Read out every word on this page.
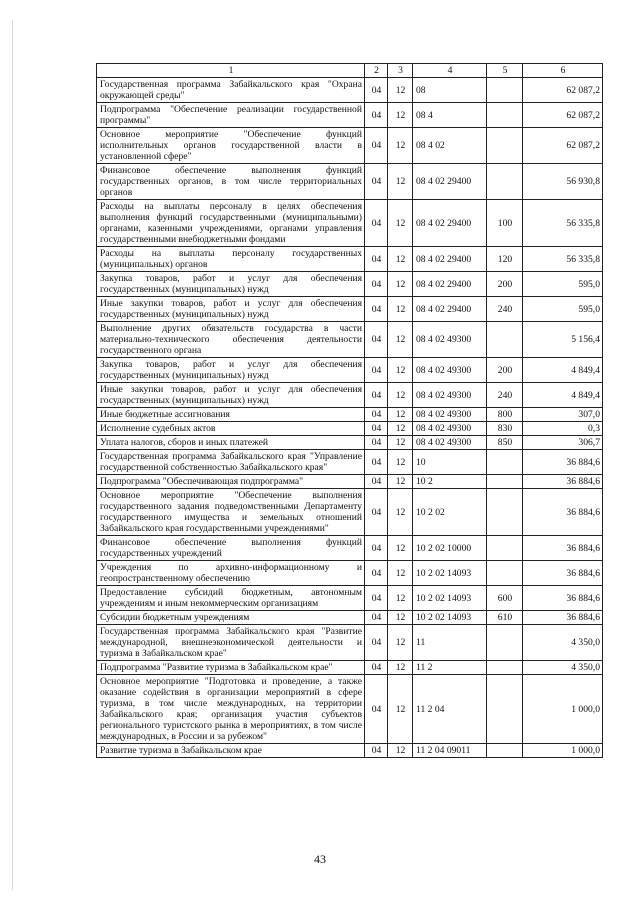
1	2	3	4	5	6
Государственная программа Забайкальского края "Охрана окружающей среды"	04	12	08		62 087,2
Подпрограмма "Обеспечение реализации государственной программы"	04	12	08 4		62 087,2
Основное мероприятие "Обеспечение функций исполнительных органов государственной власти в установленной сфере"	04	12	08 4 02		62 087,2
Финансовое обеспечение выполнения функций государственных органов, в том числе территориальных органов	04	12	08 4 02 29400		56 930,8
Расходы на выплаты персоналу в целях обеспечения выполнения функций государственными (муниципальными) органами, казенными учреждениями, органами управления государственными внебюджетными фондами	04	12	08 4 02 29400	100	56 335,8
Расходы на выплаты персоналу государственных (муниципальных) органов	04	12	08 4 02 29400	120	56 335,8
Закупка товаров, работ и услуг для обеспечения государственных (муниципальных) нужд	04	12	08 4 02 29400	200	595,0
Иные закупки товаров, работ и услуг для обеспечения государственных (муниципальных) нужд	04	12	08 4 02 29400	240	595,0
Выполнение других обязательств государства в части материально-технического обеспечения деятельности государственного органа	04	12	08 4 02 49300		5 156,4
Закупка товаров, работ и услуг для обеспечения государственных (муниципальных) нужд	04	12	08 4 02 49300	200	4 849,4
Иные закупки товаров, работ и услуг для обеспечения государственных (муниципальных) нужд	04	12	08 4 02 49300	240	4 849,4
Иные бюджетные ассигнования	04	12	08 4 02 49300	800	307,0
Исполнение судебных актов	04	12	08 4 02 49300	830	0,3
Уплата налогов, сборов и иных платежей	04	12	08 4 02 49300	850	306,7
Государственная программа Забайкальского края "Управление государственной собственностью Забайкальского края"	04	12	10		36 884,6
Подпрограмма "Обеспечивающая подпрограмма"	04	12	10 2		36 884,6
Основное мероприятие "Обеспечение выполнения государственного задания подведомственными Департаменту государственного имущества и земельных отношений Забайкальского края государственными учреждениями"	04	12	10 2 02		36 884,6
Финансовое обеспечение выполнения функций государственных учреждений	04	12	10 2 02 10000		36 884,6
Учреждения по архивно-информационному и геопространственному обеспечению	04	12	10 2 02 14093		36 884,6
Предоставление субсидий бюджетным, автономным учреждениям и иным некоммерческим организациям	04	12	10 2 02 14093	600	36 884,6
Субсидии бюджетным учреждениям	04	12	10 2 02 14093	610	36 884,6
Государственная программа Забайкальского края "Развитие международной, внешнеэкономической деятельности и туризма в Забайкальском крае"	04	12	11		4 350,0
Подпрограмма "Развитие туризма в Забайкальском крае"	04	12	11 2		4 350,0
Основное мероприятие "Подготовка и проведение, а также оказание содействия в организации мероприятий в сфере туризма, в том числе международных, на территории Забайкальского края; организация участия субъектов регионального туристского рынка в мероприятиях, в том числе международных, в России и за рубежом"	04	12	11 2 04		1 000,0
Развитие туризма в Забайкальском крае	04	12	11 2 04 09011		1 000,0
43
